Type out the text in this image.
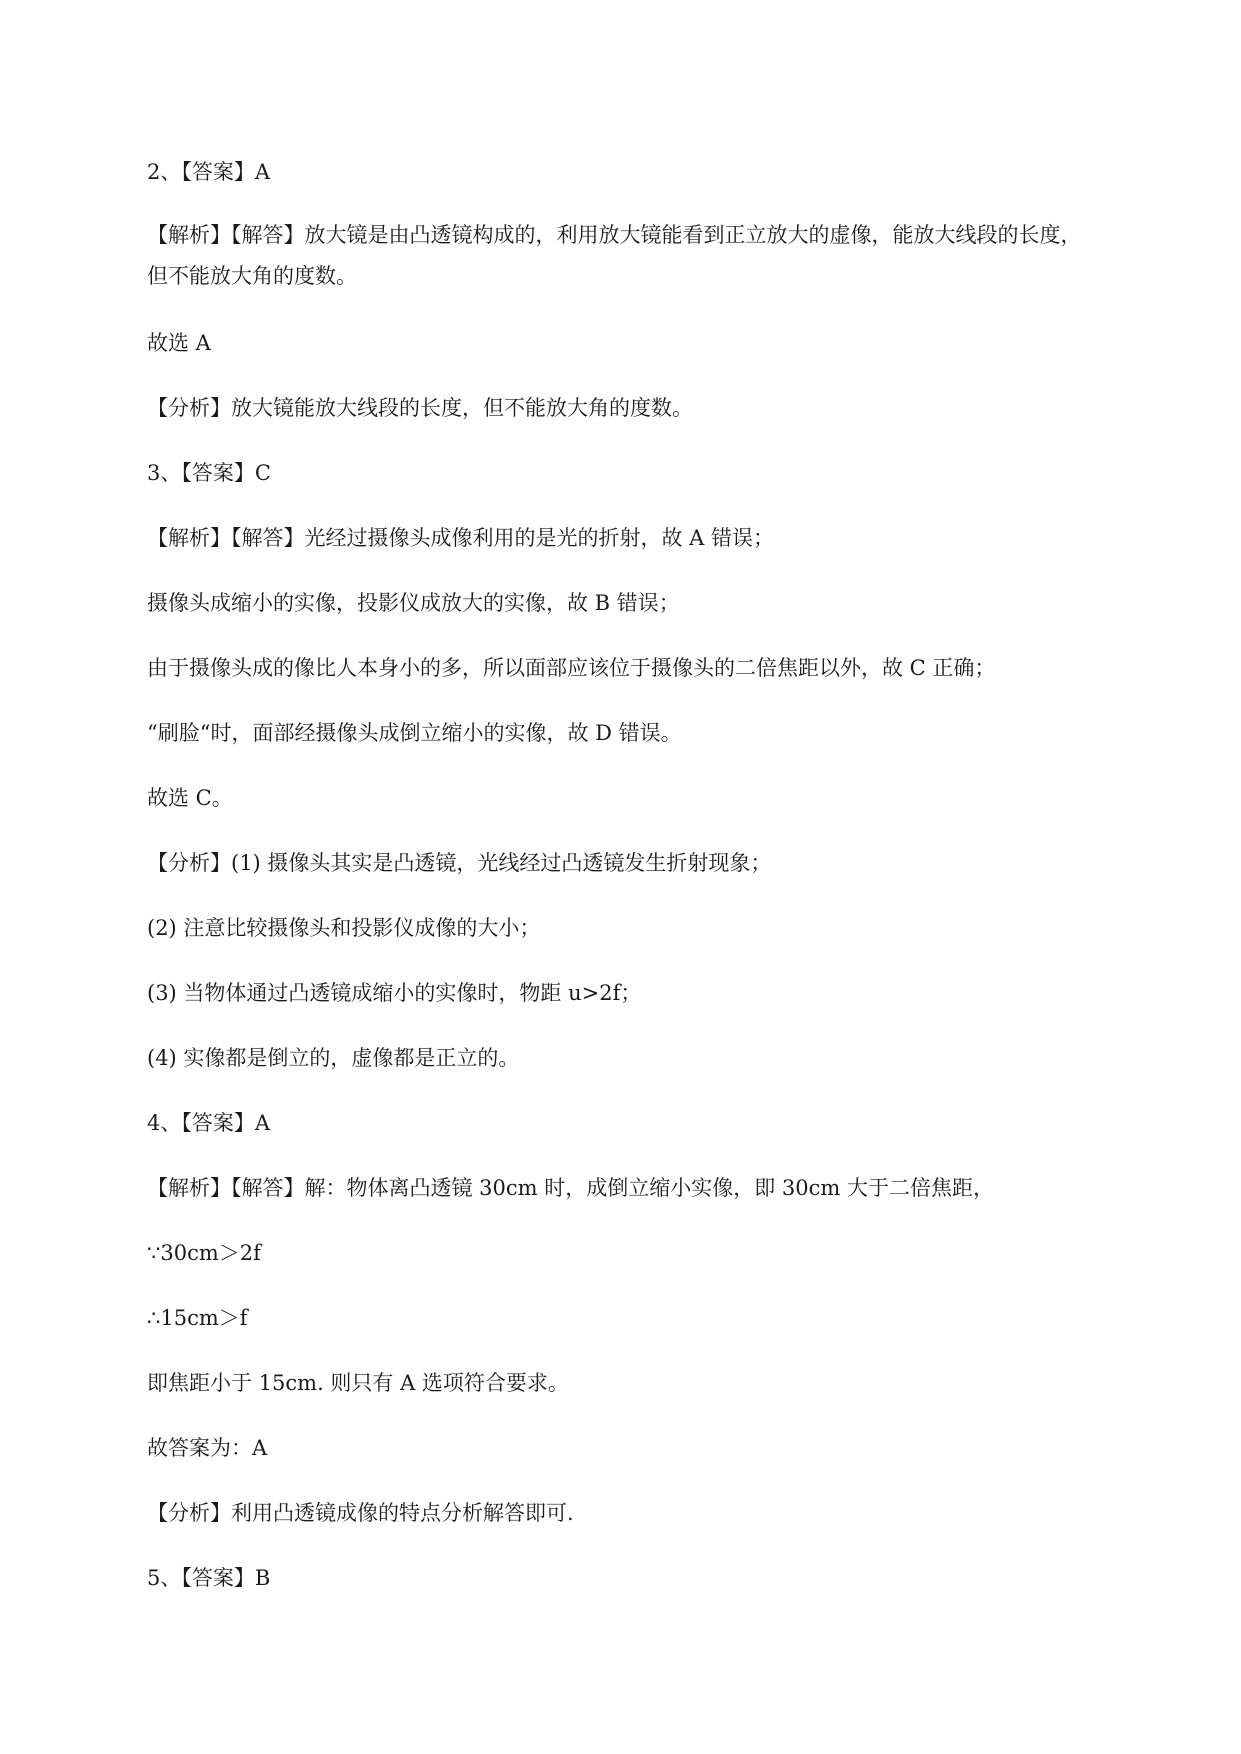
2、【答案】A
【解析】【解答】放大镜是由凸透镜构成的，利用放大镜能看到正立放大的虚像，能放大线段的长度，
但不能放大角的度数。
故选 A
【分析】放大镜能放大线段的长度，但不能放大角的度数。
3、【答案】C
【解析】【解答】光经过摄像头成像利用的是光的折射，故 A 错误；
摄像头成缩小的实像，投影仪成放大的实像，故 B 错误；
由于摄像头成的像比人本身小的多，所以面部应该位于摄像头的二倍焦距以外，故 C 正确；
“刷脸“时，面部经摄像头成倒立缩小的实像，故 D 错误。
故选 C。
【分析】(1) 摄像头其实是凸透镜，光线经过凸透镜发生折射现象；
(2) 注意比较摄像头和投影仪成像的大小；
(3) 当物体通过凸透镜成缩小的实像时，物距 u>2f；
(4) 实像都是倒立的，虚像都是正立的。
4、【答案】A
【解析】【解答】解：物体离凸透镜 30cm 时，成倒立缩小实像，即 30cm 大于二倍焦距，
∵30cm＞2f
∴15cm＞f
即焦距小于 15cm. 则只有 A 选项符合要求。
故答案为：A
【分析】利用凸透镜成像的特点分析解答即可.
5、【答案】B
